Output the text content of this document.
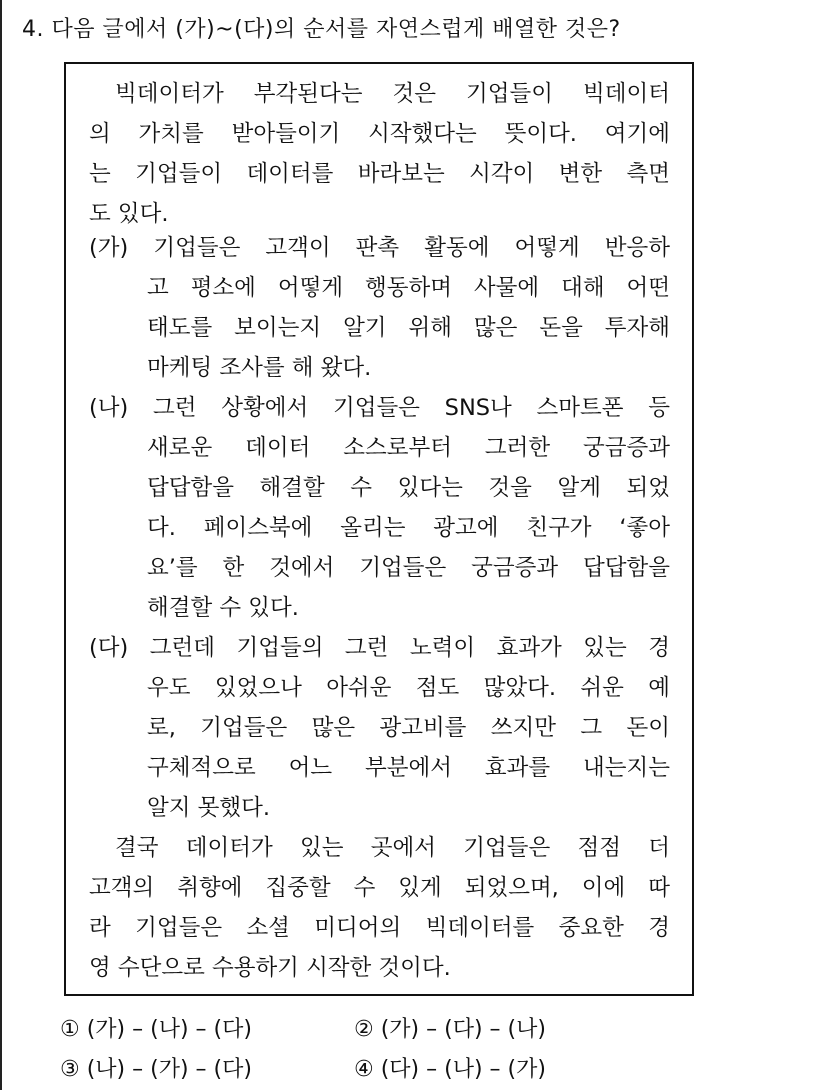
4. 다음 글에서 (가)~(다)의 순서를 자연스럽게 배열한 것은?
빅데이터가 부각된다는 것은 기업들이 빅데이터
의 가치를 받아들이기 시작했다는 뜻이다. 여기에
는 기업들이 데이터를 바라보는 시각이 변한 측면
도 있다.
(가) 기업들은 고객이 판촉 활동에 어떻게 반응하
고 평소에 어떻게 행동하며 사물에 대해 어떤
태도를 보이는지 알기 위해 많은 돈을 투자해
마케팅 조사를 해 왔다.
(나) 그런 상황에서 기업들은 SNS나 스마트폰 등
새로운 데이터 소스로부터 그러한 궁금증과
답답함을 해결할 수 있다는 것을 알게 되었
다. 페이스북에 올리는 광고에 친구가 ‘좋아
요’를 한 것에서 기업들은 궁금증과 답답함을
해결할 수 있다.
(다) 그런데 기업들의 그런 노력이 효과가 있는 경
우도 있었으나 아쉬운 점도 많았다. 쉬운 예
로, 기업들은 많은 광고비를 쓰지만 그 돈이
구체적으로 어느 부분에서 효과를 내는지는
알지 못했다.
결국 데이터가 있는 곳에서 기업들은 점점 더
고객의 취향에 집중할 수 있게 되었으며, 이에 따
라 기업들은 소셜 미디어의 빅데이터를 중요한 경
영 수단으로 수용하기 시작한 것이다.
① (가) – (나) – (다)	② (가) – (다) – (나)
③ (나) – (가) – (다)	④ (다) – (나) – (가)
